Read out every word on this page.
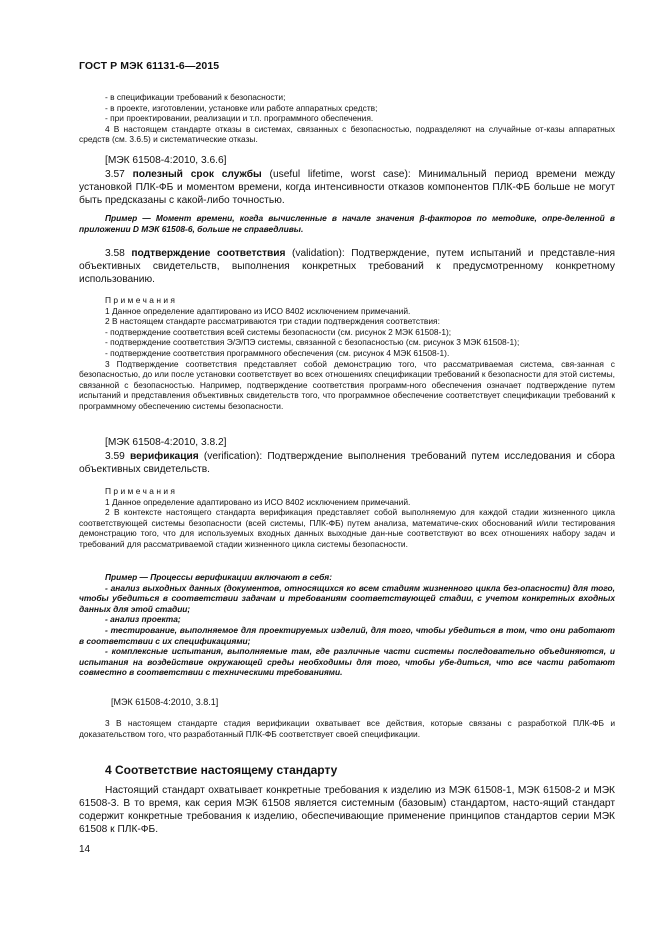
ГОСТ Р МЭК 61131-6—2015

- в спецификации требований к безопасности;

- в проекте, изготовлении, установке или работе аппаратных средств;

- при проектировании, реализации и т.п. программного обеспечения.

4 В настоящем стандарте отказы в системах, связанных с безопасностью, подразделяют на случайные от-казы аппаратных средств (см. 3.6.5) и систематические отказы.

[МЭК 61508-4:2010, 3.6.6]

3.57 полезный срок службы (useful lifetime, worst case): Минимальный период времени между установкой ПЛК-ФБ и моментом времени, когда интенсивности отказов компонентов ПЛК-ФБ больше не могут быть предсказаны с какой-либо точностью.

Пример — Момент времени, когда вычисленные в начале значения β-факторов по методике, опре-деленной в приложении D МЭК 61508-6, больше не справедливы.

3.58 подтверждение соответствия (validation): Подтверждение, путем испытаний и представле-ния объективных свидетельств, выполнения конкретных требований к предусмотренному конкретному использованию.

Примечания

1 Данное определение адаптировано из ИСО 8402 исключением примечаний.

2 В настоящем стандарте рассматриваются три стадии подтверждения соответствия:

- подтверждение соответствия всей системы безопасности (см. рисунок 2 МЭК 61508-1);

- подтверждение соответствия Э/Э/ПЭ системы, связанной с безопасностью (см. рисунок 3 МЭК 61508-1);

- подтверждение соответствия программного обеспечения (см. рисунок 4 МЭК 61508-1).

3 Подтверждение соответствия представляет собой демонстрацию того, что рассматриваемая система, свя-занная с безопасностью, до или после установки соответствует во всех отношениях спецификации требований к безопасности для этой системы, связанной с безопасностью. Например, подтверждение соответствия программ-ного обеспечения означает подтверждение путем испытаний и представления объективных свидетельств того, что программное обеспечение соответствует спецификации требований к программному обеспечению системы безопасности.

[МЭК 61508-4:2010, 3.8.2]

3.59 верификация (verification): Подтверждение выполнения требований путем исследования и сбора объективных свидетельств.

Примечания

1 Данное определение адаптировано из ИСО 8402 исключением примечаний.

2 В контексте настоящего стандарта верификация представляет собой выполняемую для каждой стадии жизненного цикла соответствующей системы безопасности (всей системы, ПЛК-ФБ) путем анализа, математиче-ских обоснований и/или тестирования демонстрацию того, что для используемых входных данных выходные дан-ные соответствуют во всех отношениях набору задач и требований для рассматриваемой стадии жизненного цикла системы безопасности.

Пример — Процессы верификации включают в себя:

- анализ выходных данных (документов, относящихся ко всем стадиям жизненного цикла без-опасности) для того, чтобы убедиться в соответствии задачам и требованиям соответствующей стадии, с учетом конкретных входных данных для этой стадии;

- анализ проекта;

- тестирование, выполняемое для проектируемых изделий, для того, чтобы убедиться в том, что они работают в соответствии с их спецификациями;

- комплексные испытания, выполняемые там, где различные части системы последовательно объединяются, и испытания на воздействие окружающей среды необходимы для того, чтобы убе-диться, что все части работают совместно в соответствии с техническими требованиями.

[МЭК 61508-4:2010, 3.8.1]

3 В настоящем стандарте стадия верификации охватывает все действия, которые связаны с разработкой ПЛК-ФБ и доказательством того, что разработанный ПЛК-ФБ соответствует своей спецификации.

4 Соответствие настоящему стандарту

Настоящий стандарт охватывает конкретные требования к изделию из МЭК 61508-1, МЭК 61508-2 и МЭК 61508-3. В то время, как серия МЭК 61508 является системным (базовым) стандартом, насто-ящий стандарт содержит конкретные требования к изделию, обеспечивающие применение принципов стандартов серии МЭК 61508 к ПЛК-ФБ.

14
